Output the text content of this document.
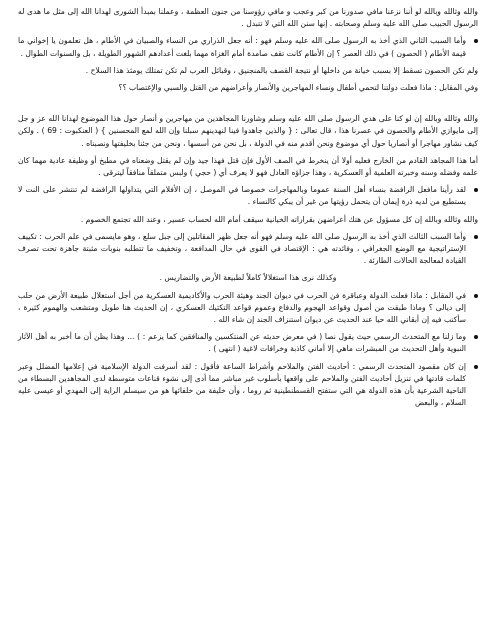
والله وثالله وبالله لو أننا نزعنا مافي صدورنا من كبر وعجب و مافي رؤوسنا من جنون العظمة ، وعملنا بمبدأ الشورى لهدانا الله إلى مثل ما هدى له الرسول الحبيب صلى الله عليه وسلم وصحابته . إنها سنن الله التي لا تتبدل .
وأما السبب الثاني الذي أخذ به الرسول صلى الله عليه وسلم فهو : أنه جعل الذراري من النساء والصبيان في الأطام ، هل تعلمون يا إخواني ما قيمة الأطام ( الحصون ) في ذلك العصر ؟ إن الأطام كانت تقف صامدة أمام الغزاة مهما بلغت أعدادهم الشهور الطويلة ، بل والسنوات الطوال .
ولم تكن الحصون تسقط إلا بسبب خيانة من داخلها أو نتيجة القصف بالمنجنيق ، وقبائل العرب لم تكن تمتلك يومئذ هذا السلاح .
وفي المقابل : ماذا فعلت دولتنا لتحمي أطفال ونساء المهاجرين والأنصار وأعراضهم من القتل والسبي والإغتصاب ؟؟
والله وثالله وبالله إن لو كنا على هدي الرسول صلى الله عليه وسلم وشاورنا المجاهدين من مهاجرين و أنصار حول هذا الموضوع لهدانا الله عز و جل إلى مايوازي الأطام والحصون في عصرنا هذا ، قال تعالى : { والذين جاهدوا فينا لنهدينهم سبلنا وإن الله لمع المحسنين } ( العنكبوت : 69 ) . ولكن كيف نشاور مهاجرا أو أنصاريا حول أي موضوع ونحن أقدم منه في الدولة ، بل نحن من أسسها ، ونحن من جئنا بخليفتها ونصبناه .
أما هذا المجاهد القادم من الخارج فعليه أولا أن ينخرط في الصف الأول فإن قتل فهذا جيد وإن لم يقتل وضعناه في مطبخ أو وظيفة عادية مهما كان علمه وفضله وسنه وخبرته العلمية أو العسكرية ، وهذا جزاؤه العادل فهو لا يعرف أي ( حجي ) ولبس متملقاً منافقاً ليترقى .
لقد رأينا مافعل الرافضة بنساء أهل السنة عموما وبالمهاجرات خصوصا في الموصل ، إن الأفلام التي يتداولها الرافضة لم تنتشر على النت لا يستطيع من لديه ذرة إيمان أن يتحمل رؤيتها من غير أن يبكي كالنساء .
والله وثالله وبالله إن كل مسؤول عن هتك أعراضهن بقراراته الخيانية سيقف أمام الله لحساب عسير ، وعند الله تجتمع الخصوم .
وأما السبب الثالث الذي أخذ به الرسول صلى الله عليه وسلم فهو أنه جعل ظهر المقاتلين إلى جبل سلع ، وهو مايسمى في علم الحرب : تكييف الإستراتيجية مع الوضع الجغرافي ، وفائدته هي : الإقتصاد في القوى في حال المدافعة ، وتخفيف ما تتطلبه بنوبات مثبتة جاهزة تحت تصرف القيادة لمعالجة الحالات الطارئة .
وكذلك نرى هذا استغلالاً كاملاً لطبيعة الأرض والتضاريس .
في المقابل : ماذا فعلت الدولة وعباقرة فن الحرب في ديوان الجند وهيئة الحرب والأكاديمية العسكرية من أجل استغلال طبيعة الأرض من حلب إلى ديالى ؟ وماذا طبقت من أصول وقواعد الهجوم والدفاع وعموم قواعد التكتيك العسكري ، إن الحديث هنا طويل ومتشعب والهموم كثيرة ، سأكتب فيه إن أبقاني الله حيا عند الحديث عن ديوان استنزاف الجند إن شاء الله .
وما زلنا مع المتحدث الرسمي حيث يقول نصا ( في معرض حديثه عن المنتكسين والمنافقين كما يزعم : ) ... وهذا يظن أن ما أخبر به أهل الآثار النبوية وأهل التحديث من المبشرات ماهي إلا أماني كاذبة وخرافات لاغية ( انتهى ) .
إن كان مقصود المتحدث الرسمي : أحاديث الفتن والملاحم وأشراط الساعة فأقول : لقد أسرفت الدولة الإسلامية في إعلامها المضلل وعبر كلمات قادتها في تنزيل أحاديث الفتن والملاحم على واقعها بأسلوب غير مباشر مما أدى إلى نشوء قناعات متوسطة لدى المجاهدين البسطاء من الناحية الشرعية بأن هذه الدولة هي التي ستفتح القسطنطينية ثم روما ، وأن خليفة من خلفائها هو من سيسلم الراية إلى المهدي أو عيسى عليه السلام ، والبعض
